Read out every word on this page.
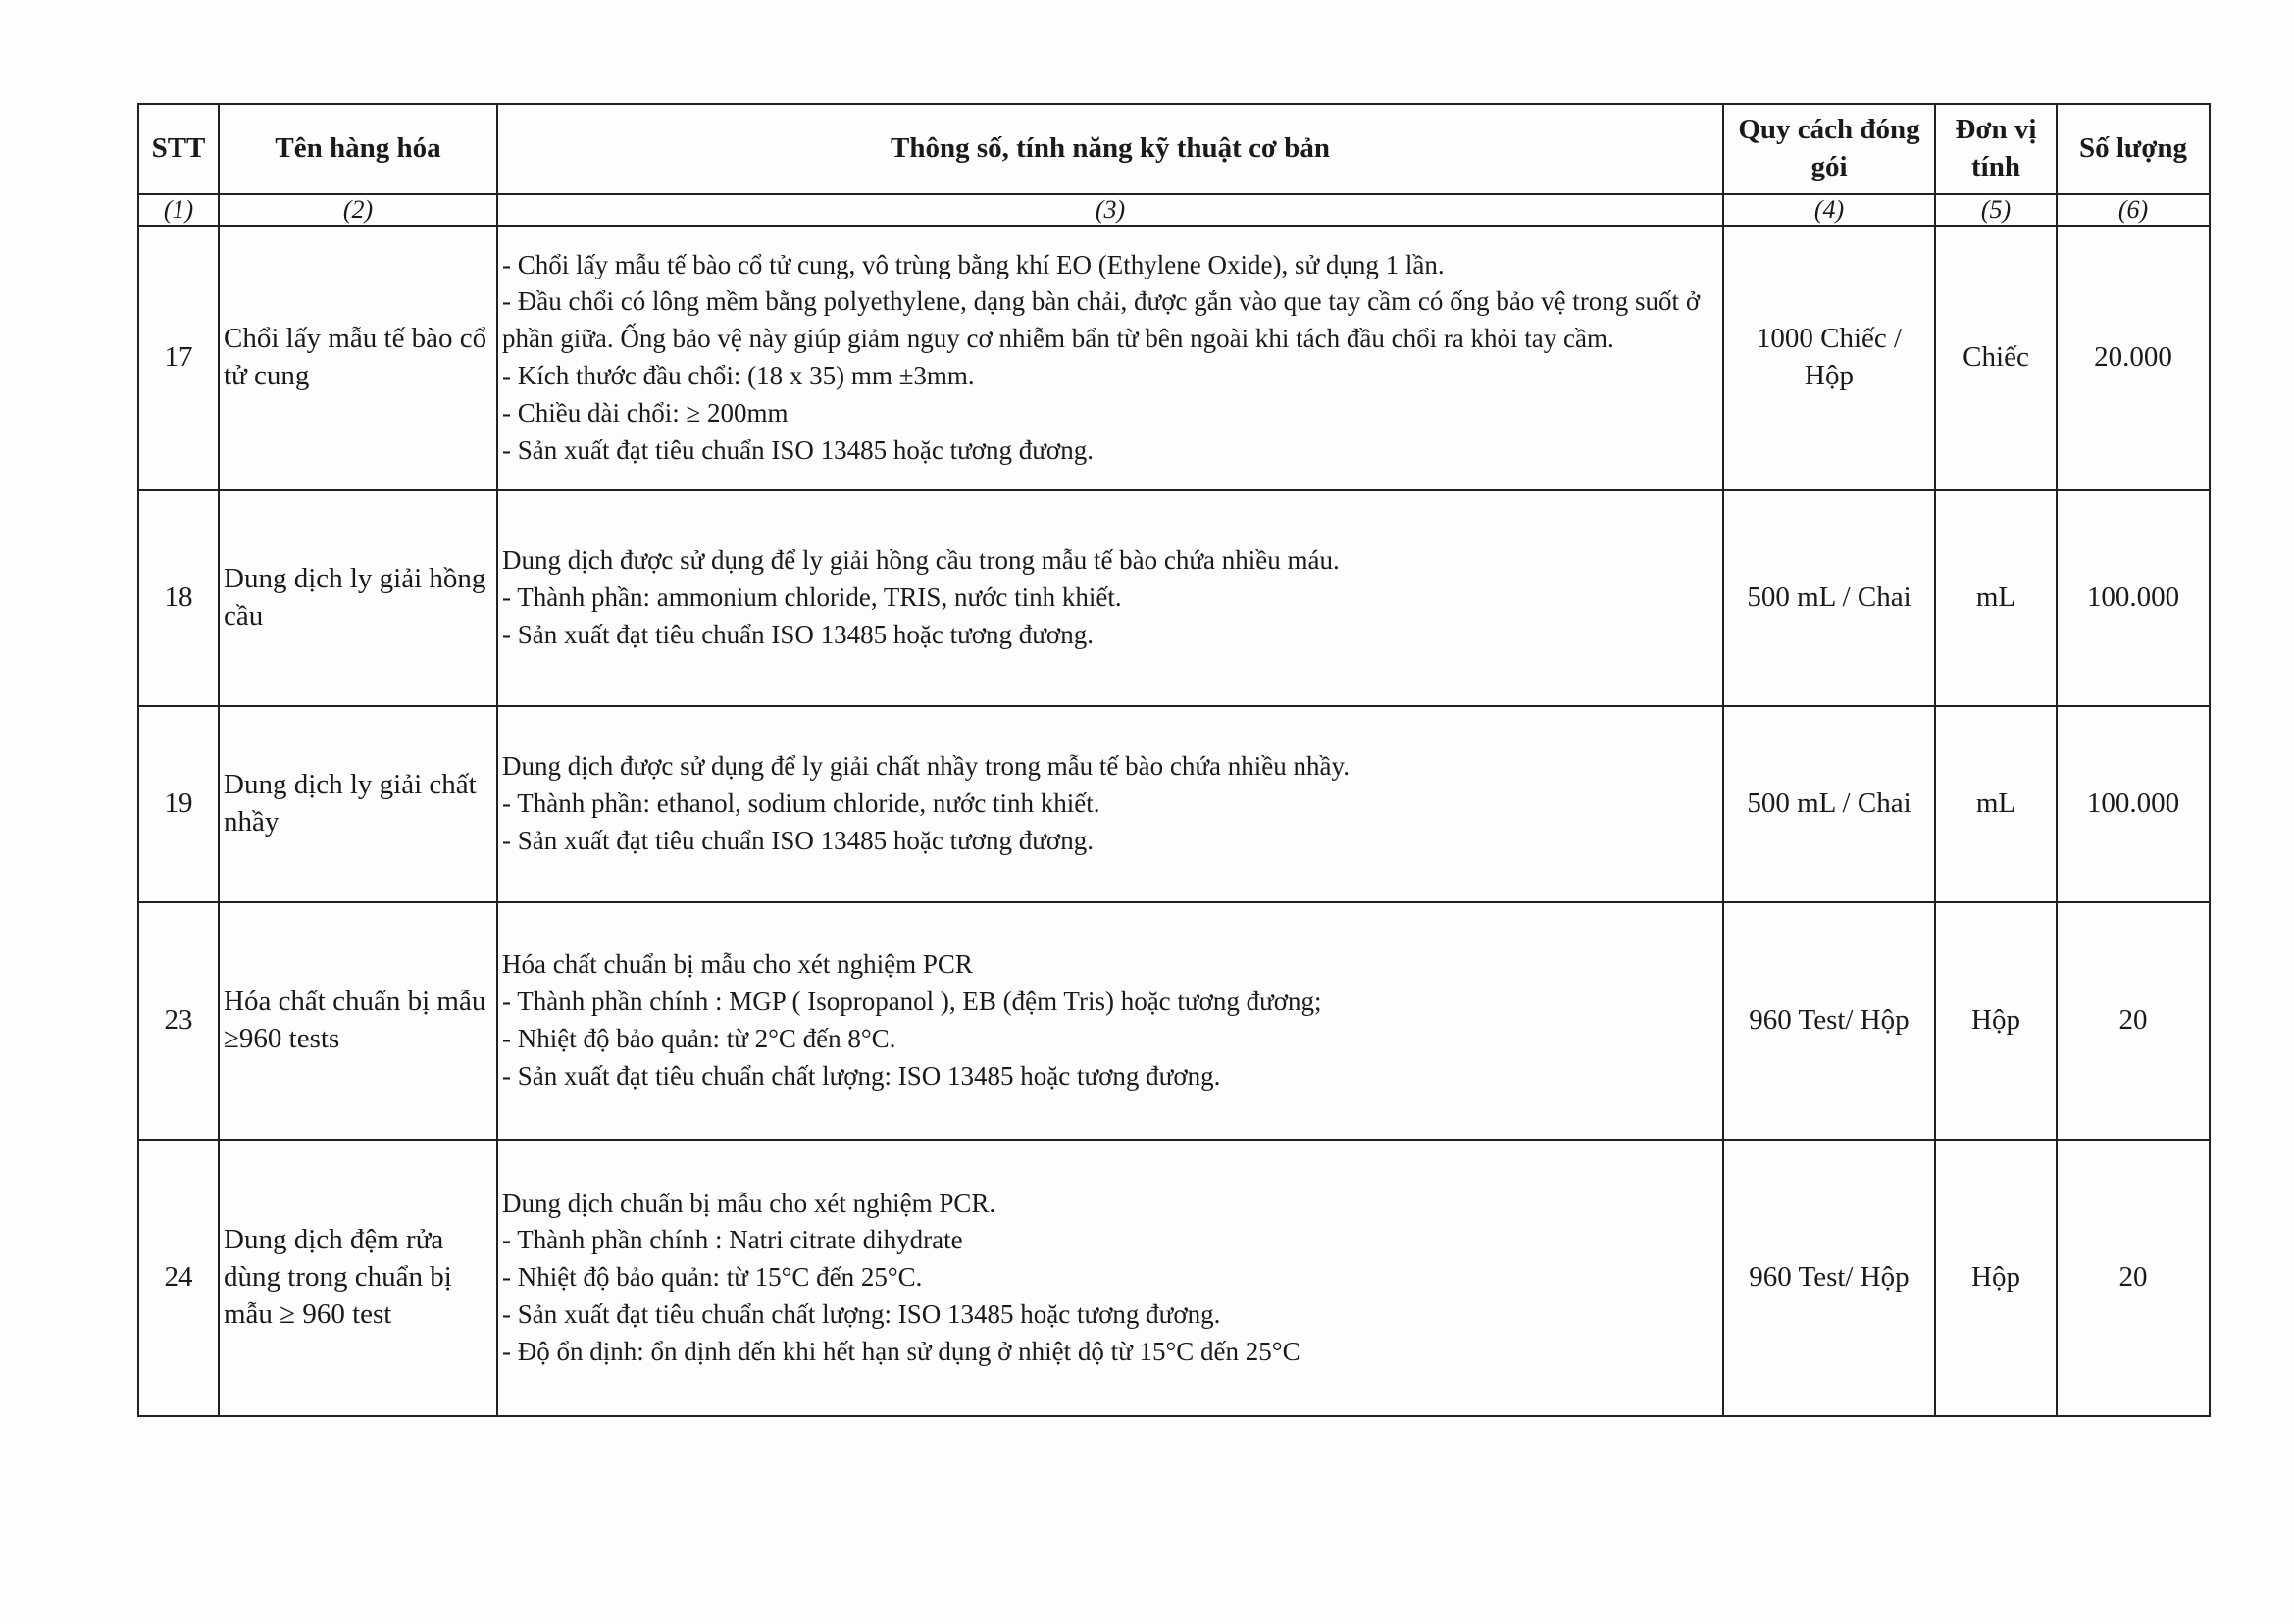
STT	Tên hàng hóa	Thông số, tính năng kỹ thuật cơ bản	Quy cách đóng gói	Đơn vị tính	Số lượng
(1)	(2)	(3)	(4)	(5)	(6)
17	Chổi lấy mẫu tế bào cổ tử cung	- Chổi lấy mẫu tế bào cổ tử cung, vô trùng bằng khí EO (Ethylene Oxide), sử dụng 1 lần.
- Đầu chổi có lông mềm bằng polyethylene, dạng bàn chải, được gắn vào que tay cầm có ống bảo vệ trong suốt ở phần giữa. Ống bảo vệ này giúp giảm nguy cơ nhiễm bẩn từ bên ngoài khi tách đầu chổi ra khỏi tay cầm.
- Kích thước đầu chổi: (18 x 35) mm ±3mm.
- Chiều dài chổi: ≥ 200mm
- Sản xuất đạt tiêu chuẩn ISO 13485 hoặc tương đương.	1000 Chiếc / Hộp	Chiếc	20.000
18	Dung dịch ly giải hồng cầu	Dung dịch được sử dụng để ly giải hồng cầu trong mẫu tế bào chứa nhiều máu.
- Thành phần: ammonium chloride, TRIS, nước tinh khiết.
- Sản xuất đạt tiêu chuẩn ISO 13485 hoặc tương đương.	500 mL / Chai	mL	100.000
19	Dung dịch ly giải chất nhầy	Dung dịch được sử dụng để ly giải chất nhầy trong mẫu tế bào chứa nhiều nhầy.
- Thành phần: ethanol, sodium chloride, nước tinh khiết.
- Sản xuất đạt tiêu chuẩn ISO 13485 hoặc tương đương.	500 mL / Chai	mL	100.000
23	Hóa chất chuẩn bị mẫu ≥960 tests	Hóa chất chuẩn bị mẫu cho xét nghiệm PCR
- Thành phần chính : MGP ( Isopropanol ), EB (đệm Tris) hoặc tương đương;
- Nhiệt độ bảo quản: từ 2°C đến 8°C.
- Sản xuất đạt tiêu chuẩn chất lượng: ISO 13485 hoặc tương đương.	960 Test/ Hộp	Hộp	20
24	Dung dịch đệm rửa dùng trong chuẩn bị mẫu ≥ 960 test	Dung dịch chuẩn bị mẫu cho xét nghiệm PCR.
- Thành phần chính : Natri citrate dihydrate
- Nhiệt độ bảo quản: từ 15°C đến 25°C.
- Sản xuất đạt tiêu chuẩn chất lượng: ISO 13485 hoặc tương đương.
- Độ ổn định: ổn định đến khi hết hạn sử dụng ở nhiệt độ từ 15°C đến 25°C	960 Test/ Hộp	Hộp	20
